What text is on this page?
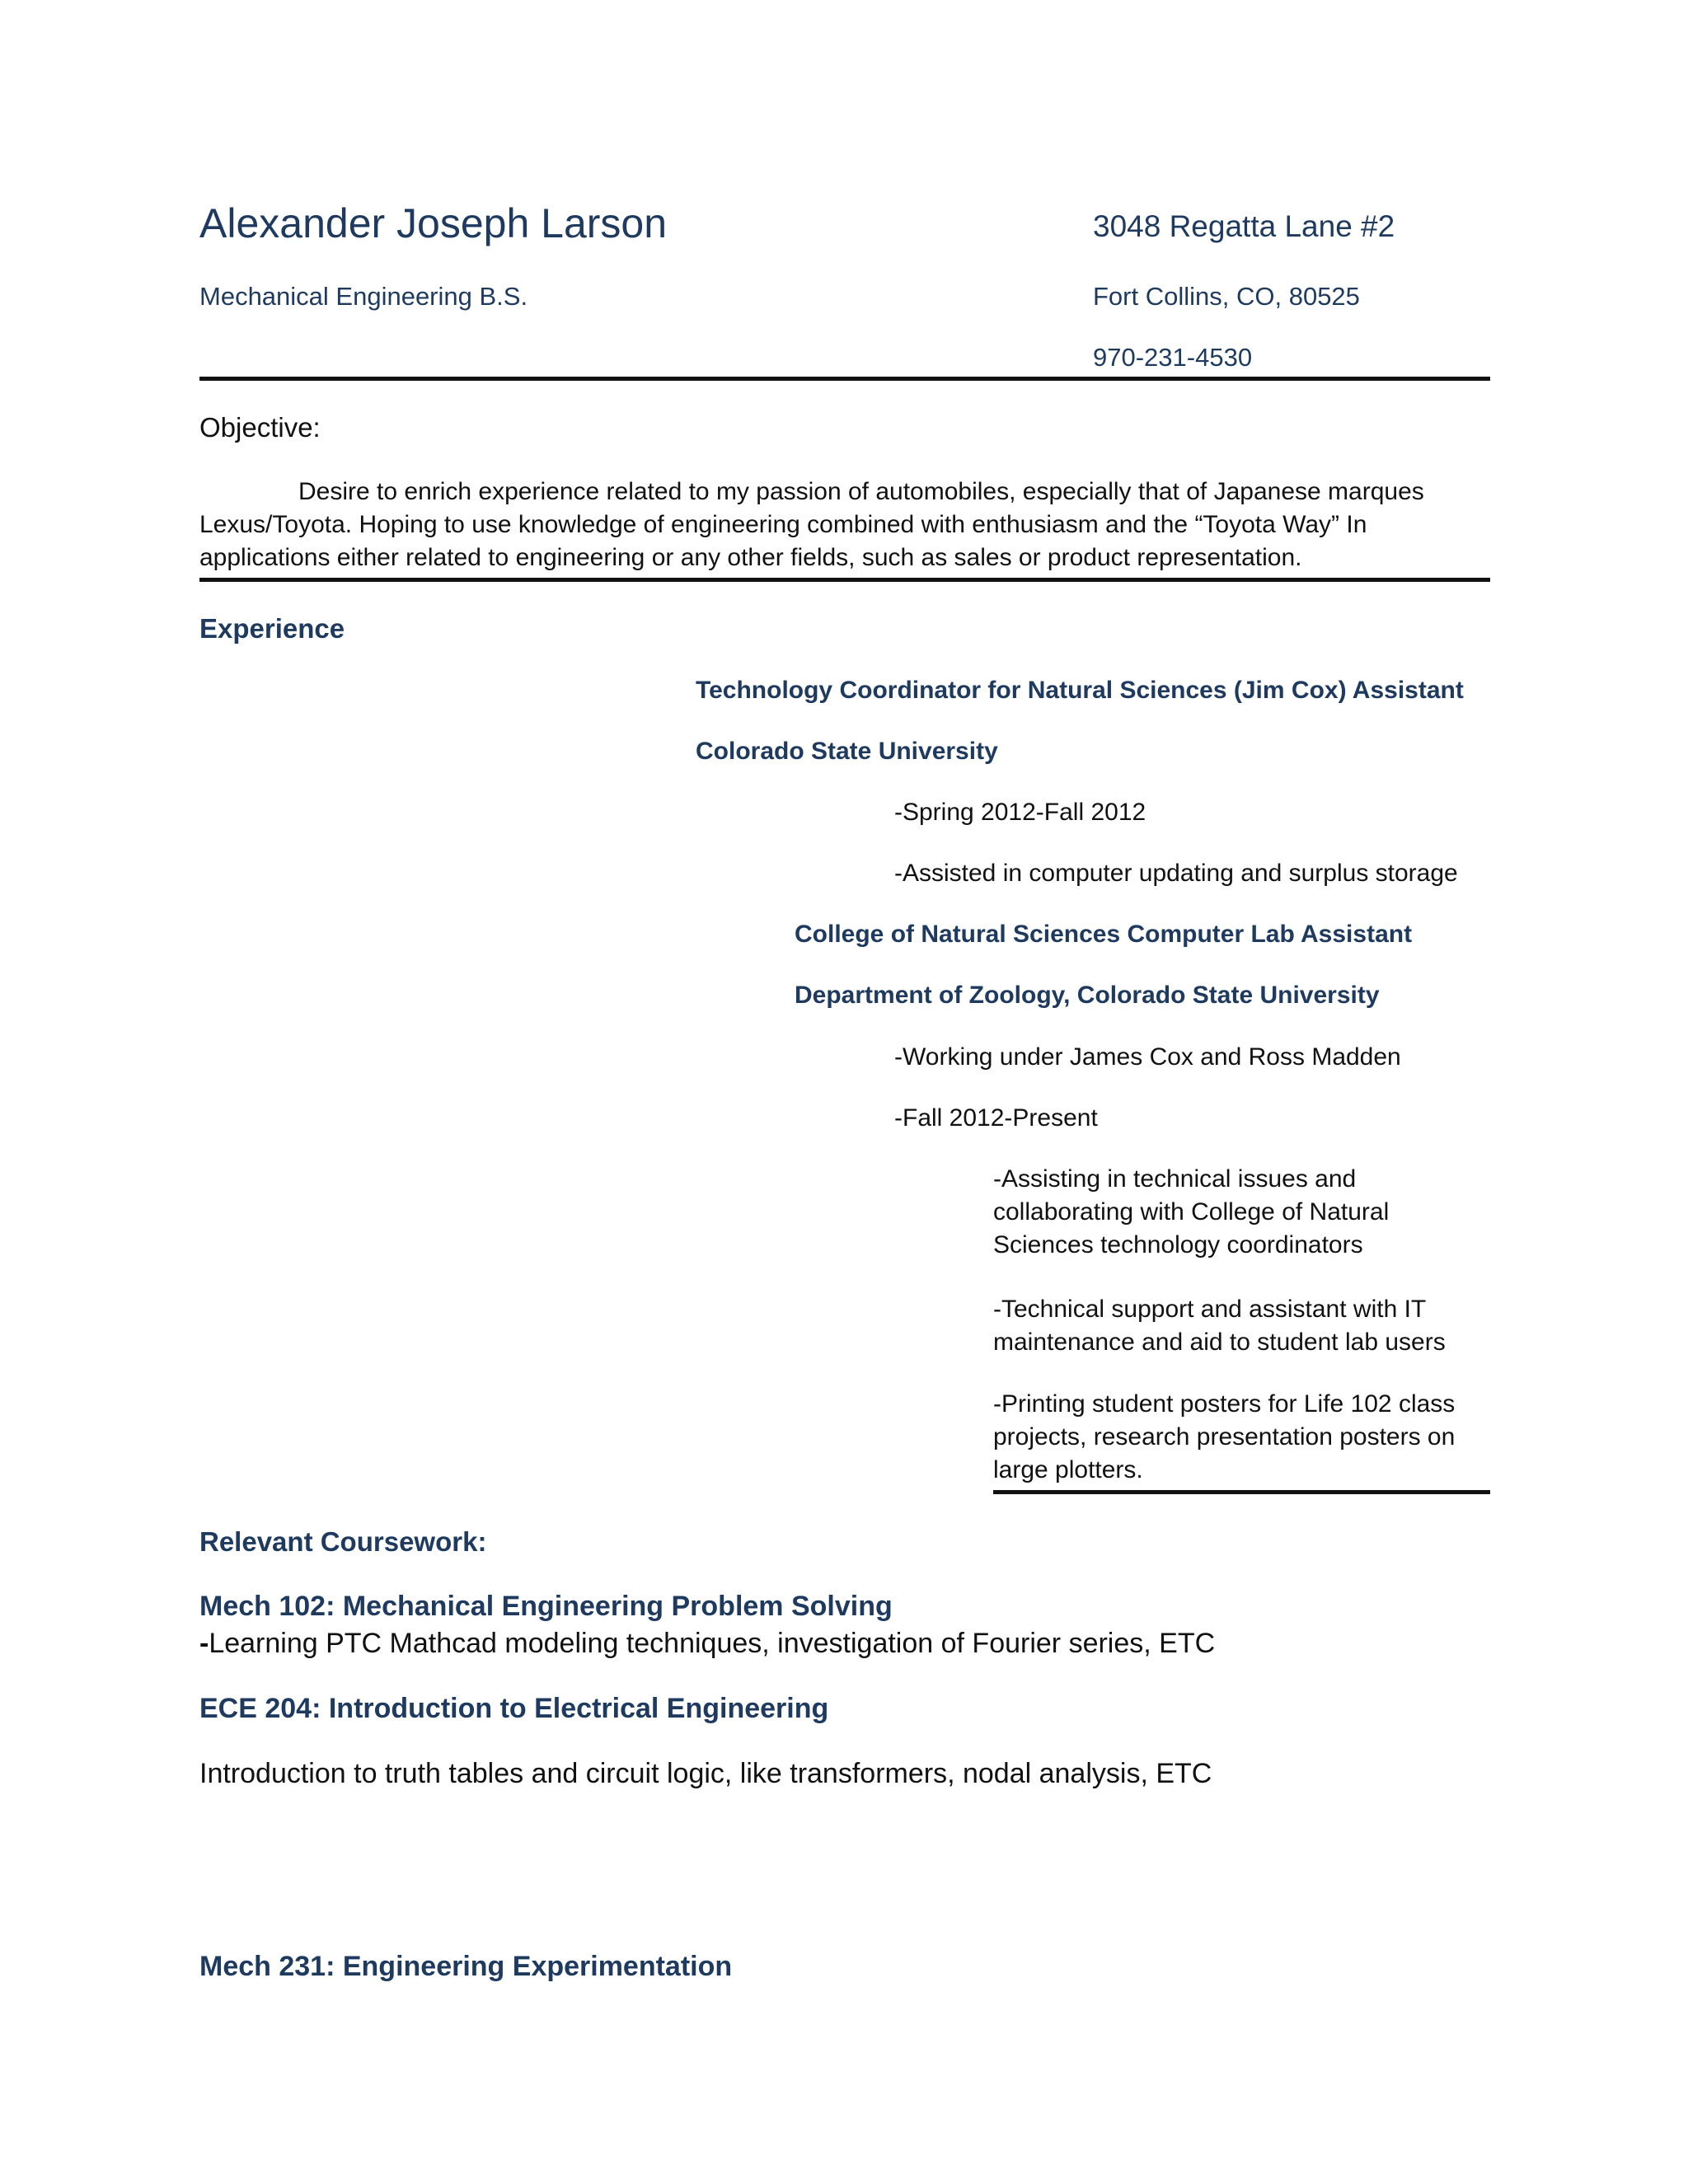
Alexander Joseph Larson	3048 Regatta Lane #2
Mechanical Engineering B.S.	Fort Collins, CO, 80525
970-231-4530
Objective:
Desire to enrich experience related to my passion of automobiles, especially that of Japanese marques
Lexus/Toyota. Hoping to use knowledge of engineering combined with enthusiasm and the “Toyota Way” In
applications either related to engineering or any other fields, such as sales or product representation.
Experience
Technology Coordinator for Natural Sciences (Jim Cox) Assistant
Colorado State University
-Spring 2012-Fall 2012
-Assisted in computer updating and surplus storage
College of Natural Sciences Computer Lab Assistant
Department of Zoology, Colorado State University
-Working under James Cox and Ross Madden
-Fall 2012-Present
-Assisting in technical issues and
collaborating with College of Natural
Sciences technology coordinators
-Technical support and assistant with IT
maintenance and aid to student lab users
-Printing student posters for Life 102 class
projects, research presentation posters on
large plotters.
Relevant Coursework:
Mech 102: Mechanical Engineering Problem Solving
-Learning PTC Mathcad modeling techniques, investigation of Fourier series, ETC
ECE 204: Introduction to Electrical Engineering
Introduction to truth tables and circuit logic, like transformers, nodal analysis, ETC
Mech 231: Engineering Experimentation
